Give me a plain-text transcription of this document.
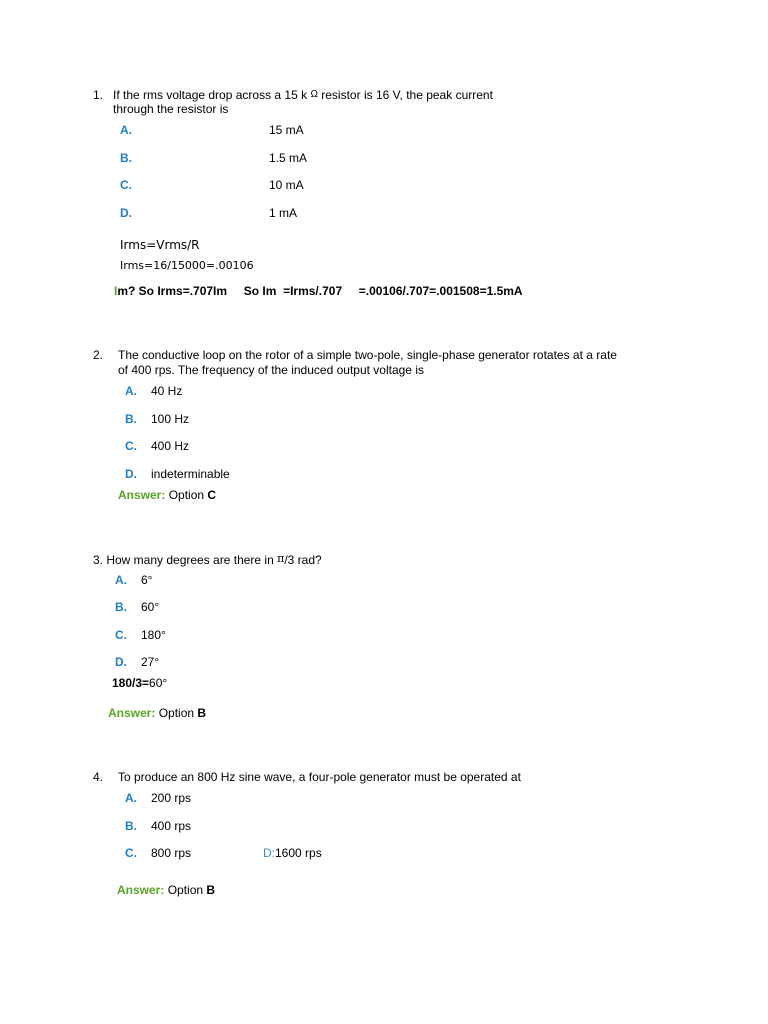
1. If the rms voltage drop across a 15 k Ω resistor is 16 V, the peak current
through the resistor is
A.	15 mA
B.	1.5 mA
C.	10 mA
D.	1 mA
Irms=Vrms/R
Irms=16/15000=.00106
Im? So Irms=.707Im     So Im  =Irms/.707     =.00106/.707=.001508=1.5mA
2. The conductive loop on the rotor of a simple two-pole, single-phase generator rotates at a rate
of 400 rps. The frequency of the induced output voltage is
A. 40 Hz
B. 100 Hz
C. 400 Hz
D. indeterminable
Answer: Option C
3. How many degrees are there in π/3 rad?
A. 6°
B. 60°
C. 180°
D. 27°
180/3=60°
Answer: Option B
4. To produce an 800 Hz sine wave, a four-pole generator must be operated at
A. 200 rps
B. 400 rps
C. 800 rps	D:1600 rps
Answer: Option B
